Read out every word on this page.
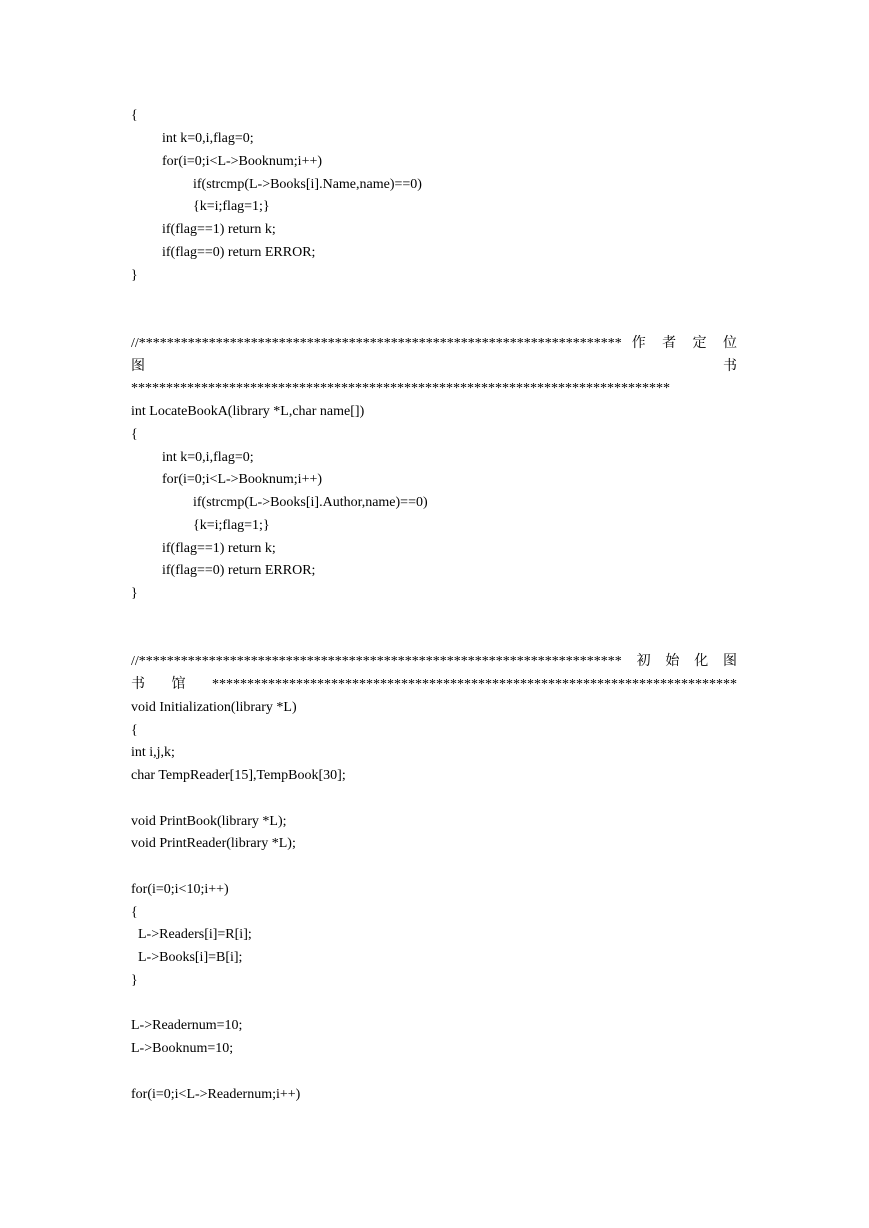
{
int k=0,i,flag=0;
for(i=0;i<L->Booknum;i++)
if(strcmp(L->Books[i].Name,name)==0)
{k=i;flag=1;}
if(flag==1) return k;
if(flag==0) return ERROR;
}
//********************************************************************* 作 者 定 位
图 书
*****************************************************************************
int LocateBookA(library *L,char name[])
{
int k=0,i,flag=0;
for(i=0;i<L->Booknum;i++)
if(strcmp(L->Books[i].Author,name)==0)
{k=i;flag=1;}
if(flag==1) return k;
if(flag==0) return ERROR;
}
//*********************************************************************初始化图
书馆***************************************************************************
void Initialization(library *L)
{
int i,j,k;
char TempReader[15],TempBook[30];
void PrintBook(library *L);
void PrintReader(library *L);
for(i=0;i<10;i++)
{
L->Readers[i]=R[i];
L->Books[i]=B[i];
}
L->Readernum=10;
L->Booknum=10;
for(i=0;i<L->Readernum;i++)
